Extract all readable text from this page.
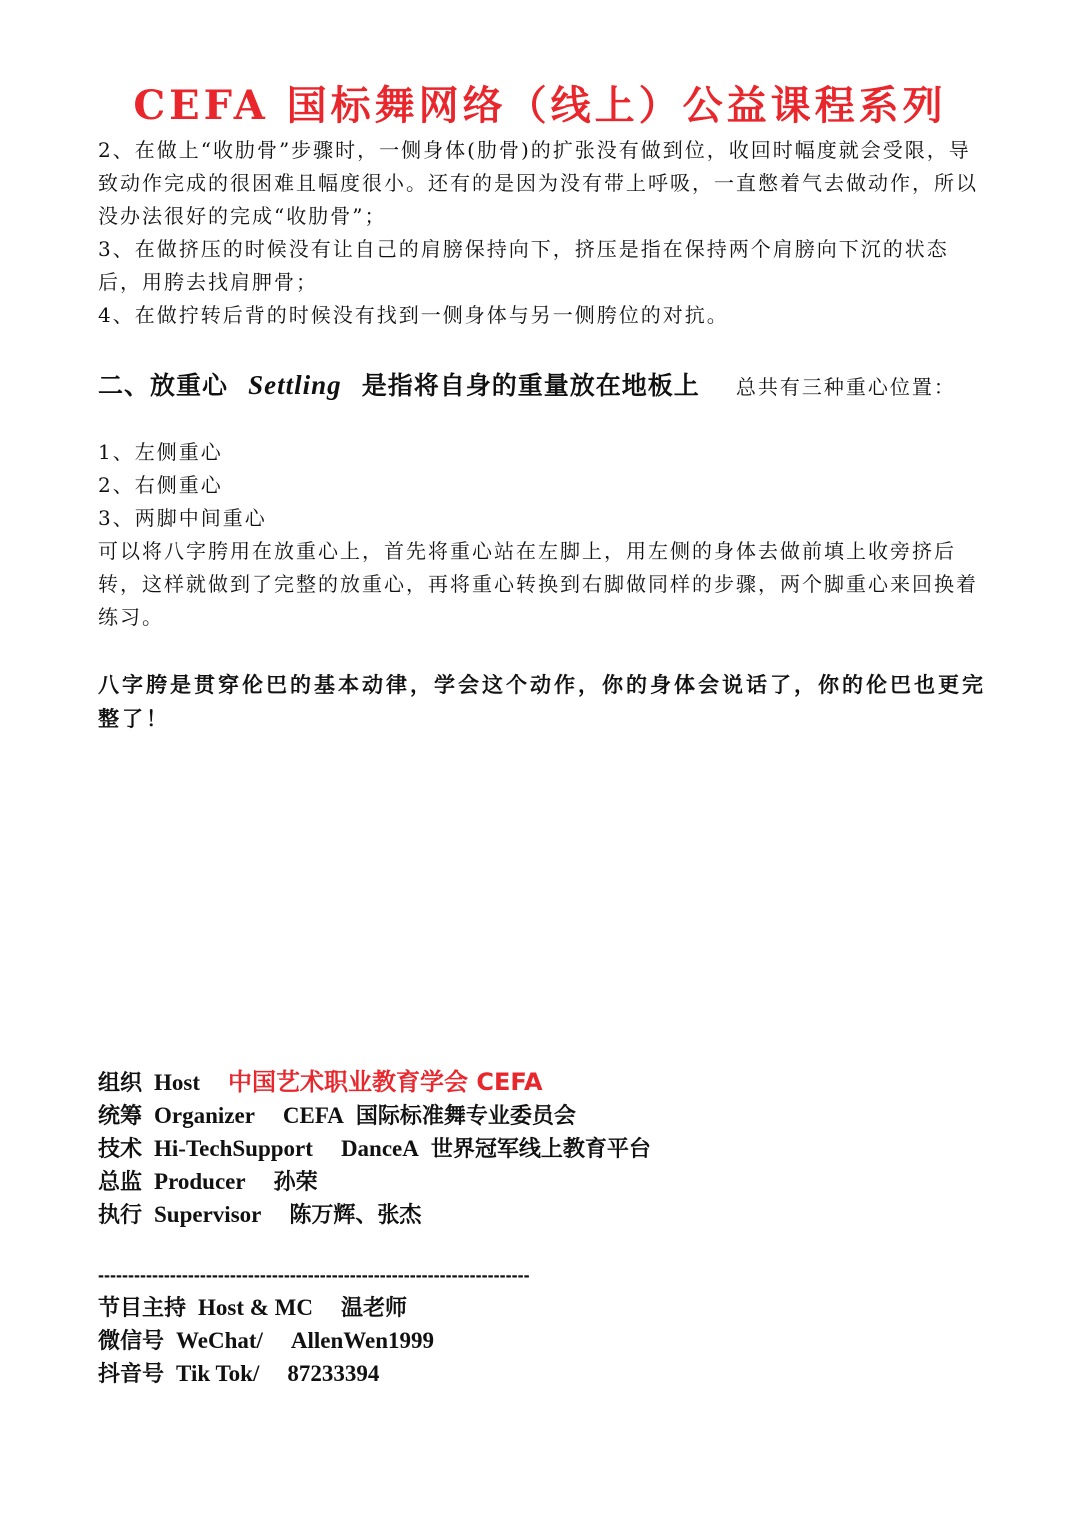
CEFA 国标舞网络（线上）公益课程系列

2、在做上“收肋骨”步骤时，一侧身体(肋骨)的扩张没有做到位，收回时幅度就会受限，导致动作完成的很困难且幅度很小。还有的是因为没有带上呼吸，一直憋着气去做动作，所以没办法很好的完成“收肋骨”；

3、在做挤压的时候没有让自己的肩膀保持向下，挤压是指在保持两个肩膀向下沉的状态后，用胯去找肩胛骨；

4、在做拧转后背的时候没有找到一侧身体与另一侧胯位的对抗。

二、放重心 Settling 是指将自身的重量放在地板上 总共有三种重心位置：

1、左侧重心

2、右侧重心

3、两脚中间重心

可以将八字胯用在放重心上，首先将重心站在左脚上，用左侧的身体去做前填上收旁挤后转，这样就做到了完整的放重心，再将重心转换到右脚做同样的步骤，两个脚重心来回换着练习。

八字胯是贯穿伦巴的基本动律，学会这个动作，你的身体会说话了，你的伦巴也更完整了！
组织 Host 中国艺术职业教育学会 CEFA
统筹 Organizer CEFA 国际标准舞专业委员会
技术 Hi-TechSupport DanceA 世界冠军线上教育平台
总监 Producer 孙荣
执行 Supervisor 陈万辉、张杰
------------------------------------------------------------------------
节目主持 Host & MC 温老师
微信号 WeChat/ AllenWen1999
抖音号 Tik Tok/ 87233394
